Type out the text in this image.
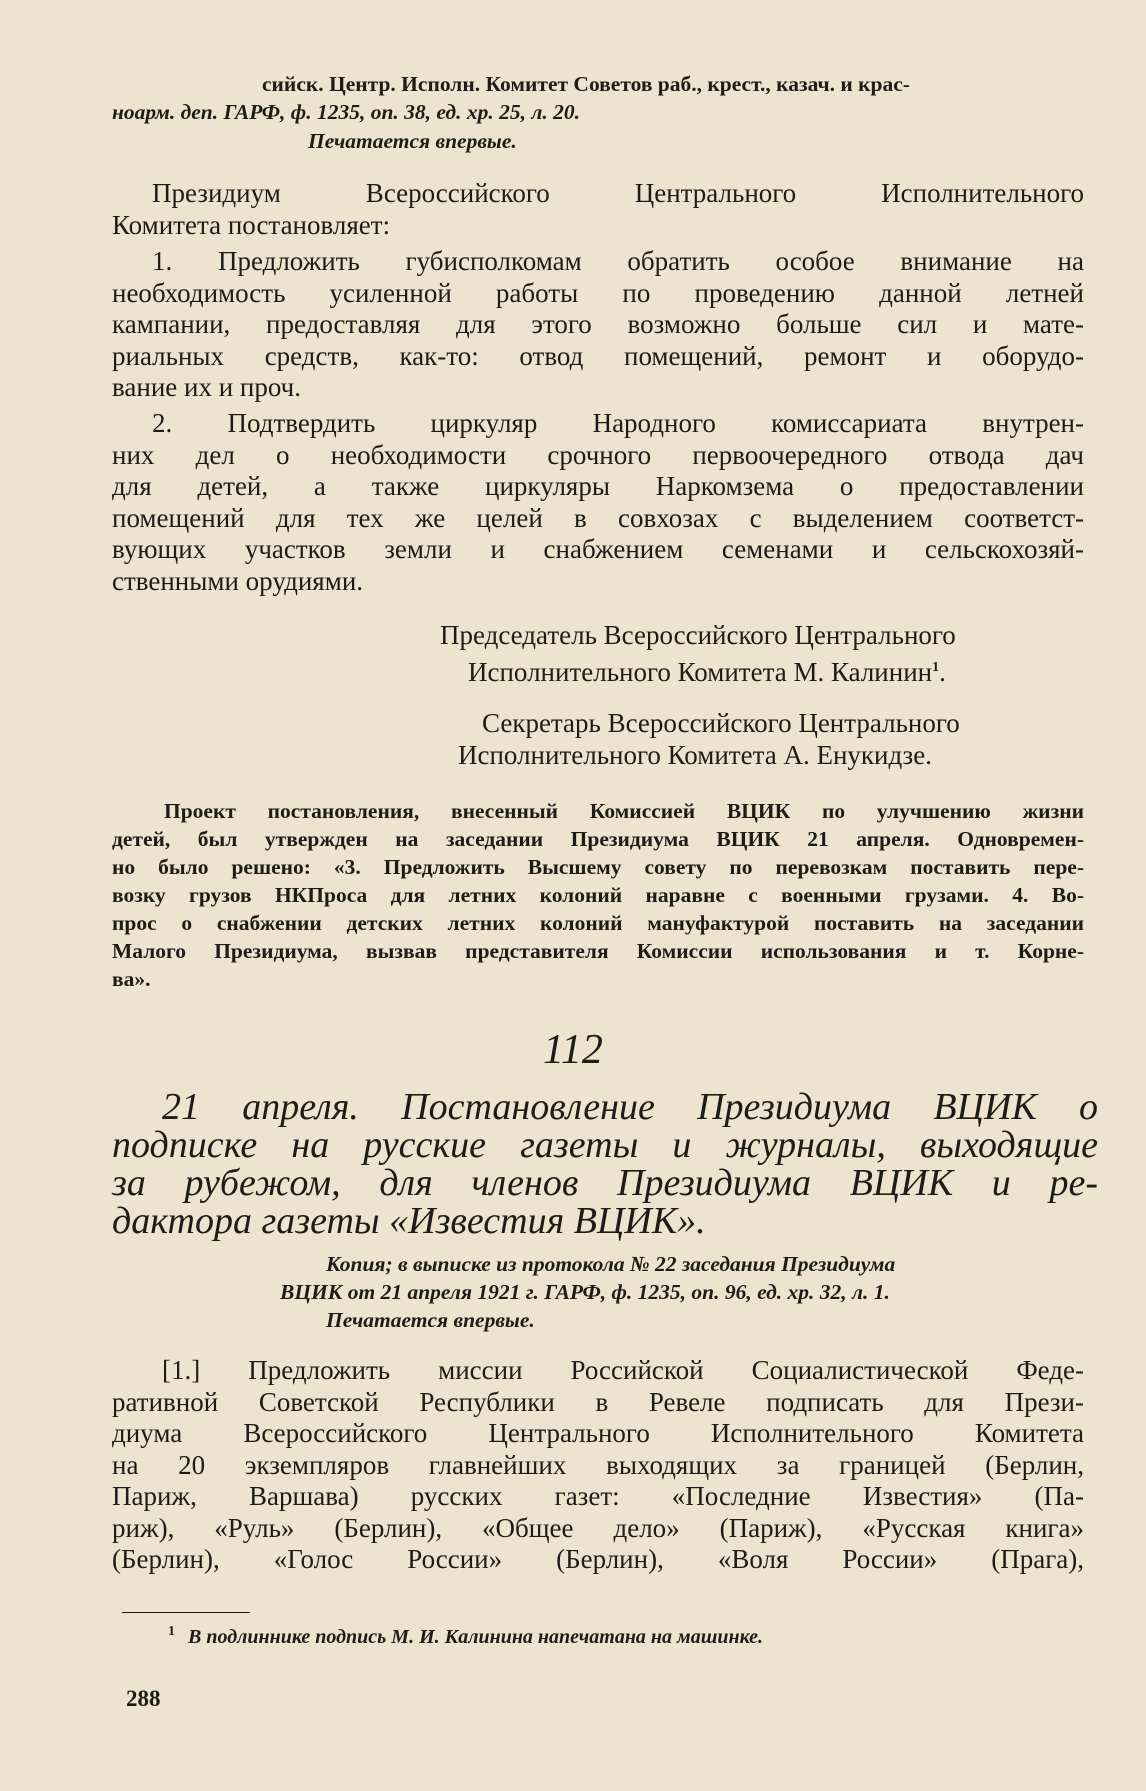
сийск. Центр. Исполн. Комитет Советов раб., крест., казач. и крас-
ноарм. деп. ГАРФ, ф. 1235, оп. 38, ед. хр. 25, л. 20.
Печатается впервые.
Президиум Всероссийского Центрального Исполнительного
Комитета постановляет:
1. Предложить губисполкомам обратить особое внимание на
необходимость усиленной работы по проведению данной летней
кампании, предоставляя для этого возможно больше сил и мате-
риальных средств, как-то: отвод помещений, ремонт и оборудо-
вание их и проч.
2. Подтвердить циркуляр Народного комиссариата внутрен-
них дел о необходимости срочного первоочередного отвода дач
для детей, а также циркуляры Наркомзема о предоставлении
помещений для тех же целей в совхозах с выделением соответст-
вующих участков земли и снабжением семенами и сельскохозяй-
ственными орудиями.
Председатель Всероссийского Центрального
Исполнительного Комитета М. Калинин$^1$.
Секретарь Всероссийского Центрального
Исполнительного Комитета А. Енукидзе.
Проект постановления, внесенный Комиссией ВЦИК по улучшению жизни
детей, был утвержден на заседании Президиума ВЦИК 21 апреля. Одновремен-
но было решено: «3. Предложить Высшему совету по перевозкам поставить пере-
возку грузов НКПроса для летних колоний наравне с военными грузами. 4. Во-
прос о снабжении детских летних колоний мануфактурой поставить на заседании
Малого Президиума, вызвав представителя Комиссии использования и т. Корне-
ва».
112
21 апреля. Постановление Президиума ВЦИК о
подписке на русские газеты и журналы, выходящие
за рубежом, для членов Президиума ВЦИК и ре-
дактора газеты «Известия ВЦИК».
Копия; в выписке из протокола № 22 заседания Президиума
ВЦИК от 21 апреля 1921 г. ГАРФ, ф. 1235, оп. 96, ед. хр. 32, л. 1.
Печатается впервые.
[1.] Предложить миссии Российской Социалистической Феде-
ративной Советской Республики в Ревеле подписать для Прези-
диума Всероссийского Центрального Исполнительного Комитета
на 20 экземпляров главнейших выходящих за границей (Берлин,
Париж, Варшава) русских газет: «Последние Известия» (Па-
риж), «Руль» (Берлин), «Общее дело» (Париж), «Русская книга»
(Берлин), «Голос России» (Берлин), «Воля России» (Прага),
$^1$ В подлиннике подпись М. И. Калинина напечатана на машинке.
288
